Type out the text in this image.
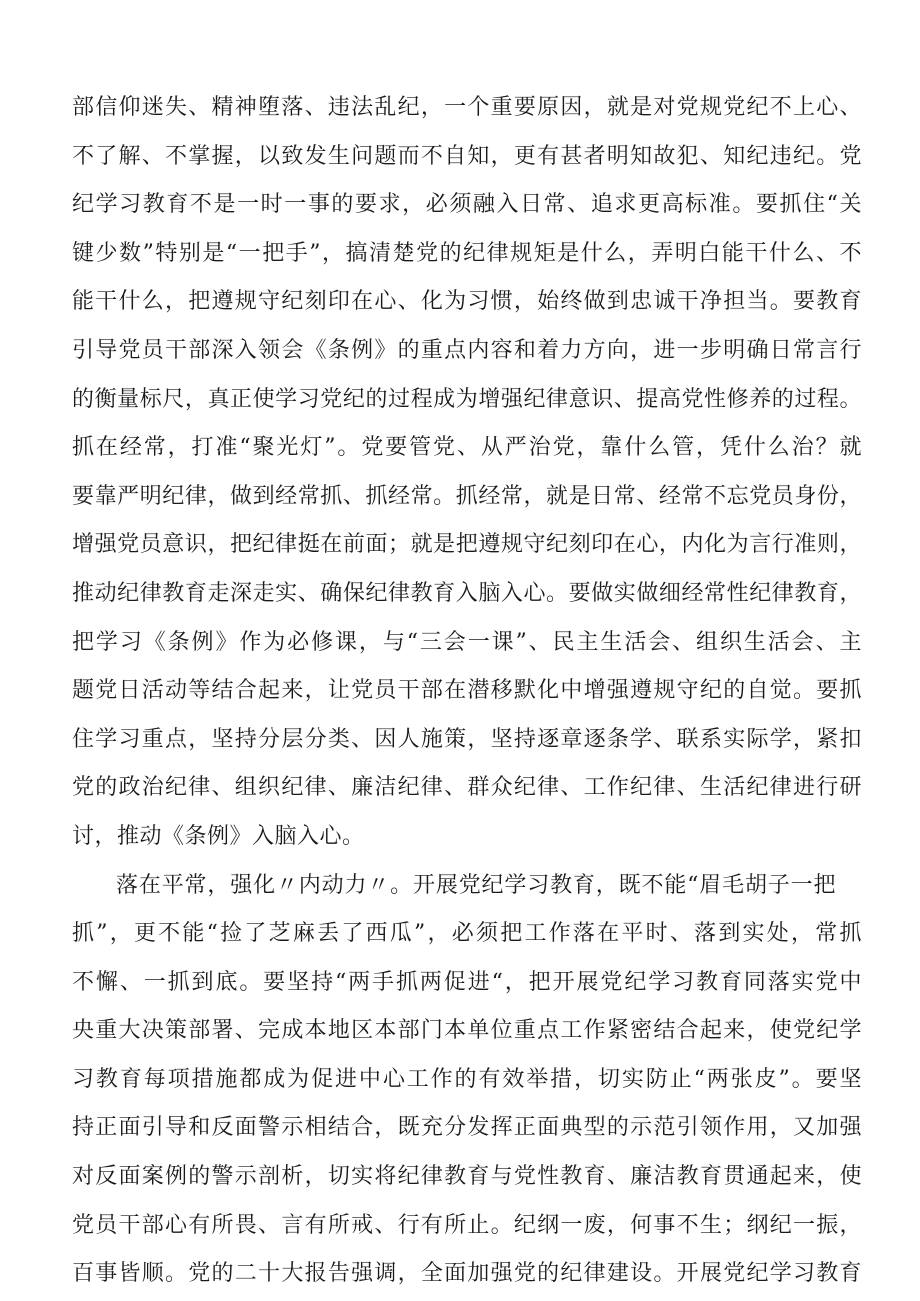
部信仰迷失、精神堕落、违法乱纪，一个重要原因，就是对党规党纪不上心、
不了解、不掌握，以致发生问题而不自知，更有甚者明知故犯、知纪违纪。党
纪学习教育不是一时一事的要求，必须融入日常、追求更高标准。要抓住“关
键少数”特别是“一把手”，搞清楚党的纪律规矩是什么，弄明白能干什么、不
能干什么，把遵规守纪刻印在心、化为习惯，始终做到忠诚干净担当。要教育
引导党员干部深入领会《条例》的重点内容和着力方向，进一步明确日常言行
的衡量标尺，真正使学习党纪的过程成为增强纪律意识、提高党性修养的过程。
抓在经常，打准“聚光灯”。党要管党、从严治党，靠什么管，凭什么治？就
要靠严明纪律，做到经常抓、抓经常。抓经常，就是日常、经常不忘党员身份，
增强党员意识，把纪律挺在前面；就是把遵规守纪刻印在心，内化为言行准则，
推动纪律教育走深走实、确保纪律教育入脑入心。要做实做细经常性纪律教育，
把学习《条例》作为必修课，与“三会一课”、民主生活会、组织生活会、主
题党日活动等结合起来，让党员干部在潜移默化中增强遵规守纪的自觉。要抓
住学习重点，坚持分层分类、因人施策，坚持逐章逐条学、联系实际学，紧扣
党的政治纪律、组织纪律、廉洁纪律、群众纪律、工作纪律、生活纪律进行研
讨，推动《条例》入脑入心。
落在平常，强化〃内动力〃。开展党纪学习教育，既不能“眉毛胡子一把
抓”，更不能“捡了芝麻丢了西瓜”，必须把工作落在平时、落到实处，常抓
不懈、一抓到底。要坚持“两手抓两促进“，把开展党纪学习教育同落实党中
央重大决策部署、完成本地区本部门本单位重点工作紧密结合起来，使党纪学
习教育每项措施都成为促进中心工作的有效举措，切实防止“两张皮”。要坚
持正面引导和反面警示相结合，既充分发挥正面典型的示范引领作用，又加强
对反面案例的警示剖析，切实将纪律教育与党性教育、廉洁教育贯通起来，使
党员干部心有所畏、言有所戒、行有所止。纪纲一废，何事不生；纲纪一振，
百事皆顺。党的二十大报告强调，全面加强党的纪律建设。开展党纪学习教育
